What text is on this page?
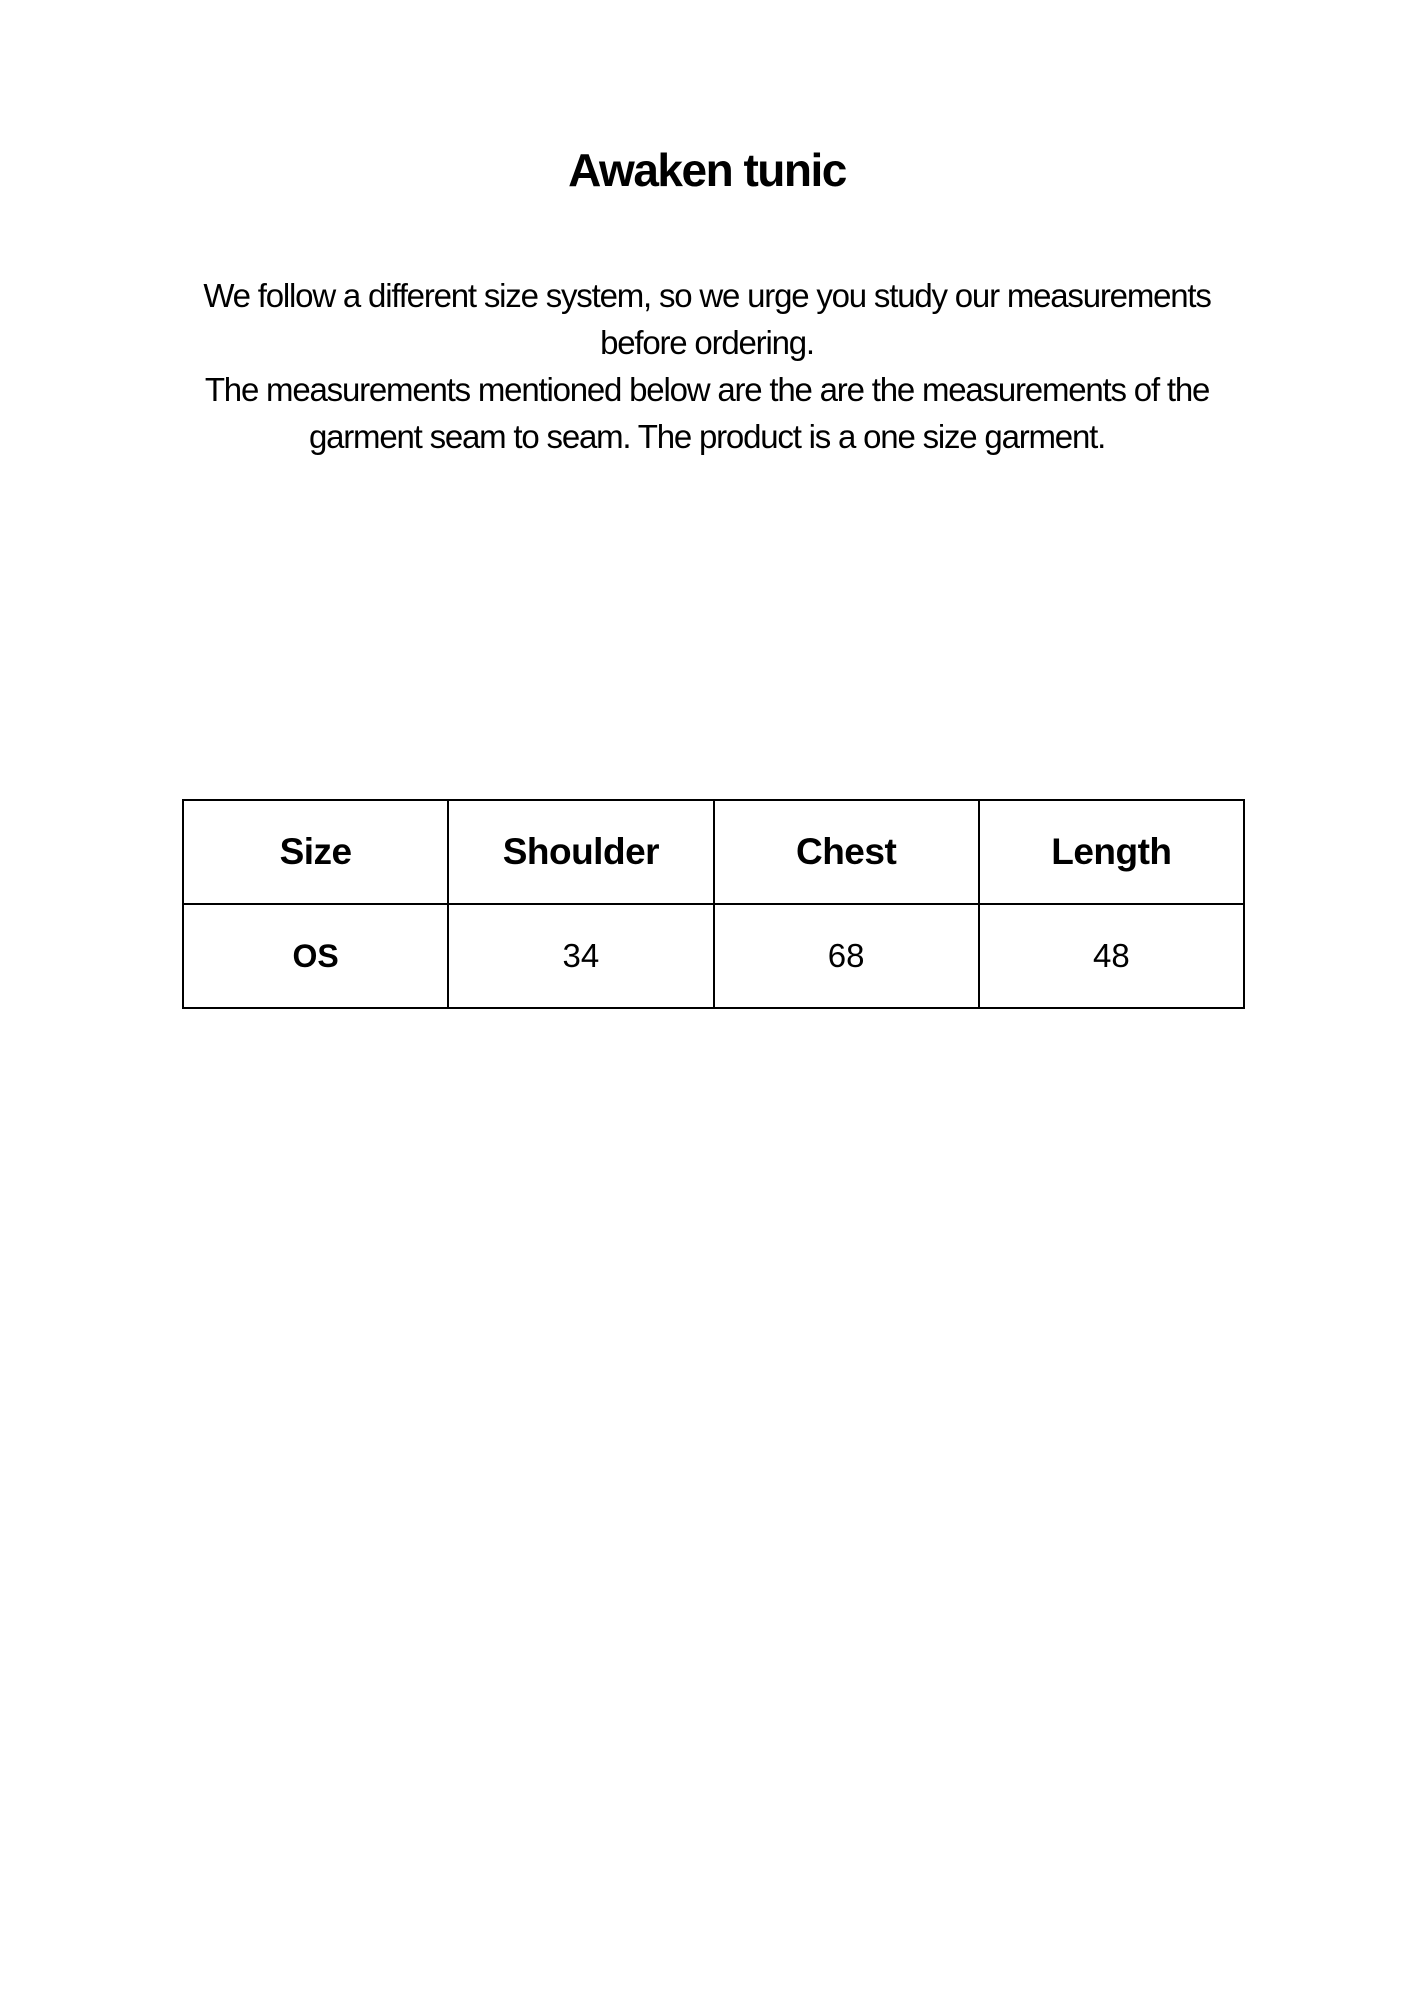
Awaken tunic

We follow a different size system, so we urge you study our measurements before ordering.

The measurements mentioned below are the are the measurements of the garment seam to seam. The product is a one size garment.

Size	Shoulder	Chest	Length
OS	34	68	48
